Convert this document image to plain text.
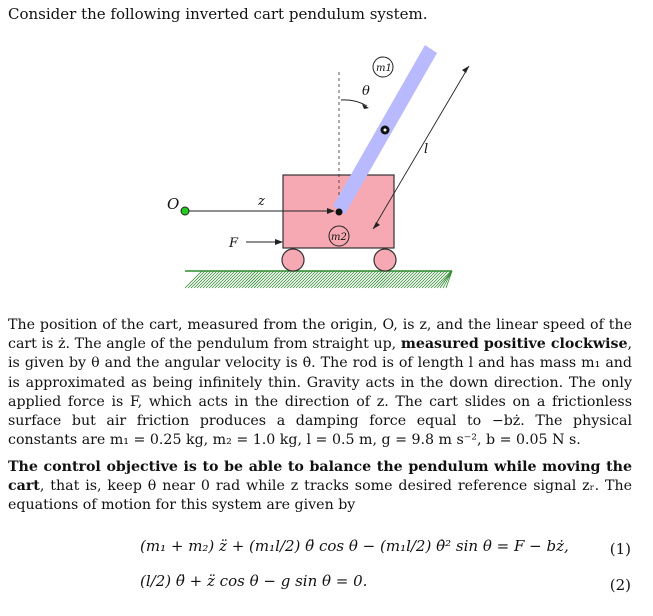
Consider the following inverted cart pendulum system.
O	z
F
m1
m2
θ
l

The position of the cart, measured from the origin, O, is z, and the linear speed of the cart is ż. The angle of the pendulum from straight up, measured positive clockwise, is given by θ and the angular velocity is θ̇. The rod is of length l and has mass m₁ and is approximated as being infinitely thin. Gravity acts in the down direction. The only applied force is F, which acts in the direction of z. The cart slides on a frictionless surface but air friction produces a damping force equal to −bż. The physical constants are m₁ = 0.25 kg, m₂ = 1.0 kg, l = 0.5 m, g = 9.8 m s⁻², b = 0.05 N s.

The control objective is to be able to balance the pendulum while moving the cart, that is, keep θ near 0 rad while z tracks some desired reference signal zᵣ. The equations of motion for this system are given by

(m₁ + m₂) z̈ + (m₁l/2) θ̈ cos θ − (m₁l/2) θ̇² sin θ = F − bż,	(1)
(l/2) θ̈ + z̈ cos θ − g sin θ = 0.	(2)
